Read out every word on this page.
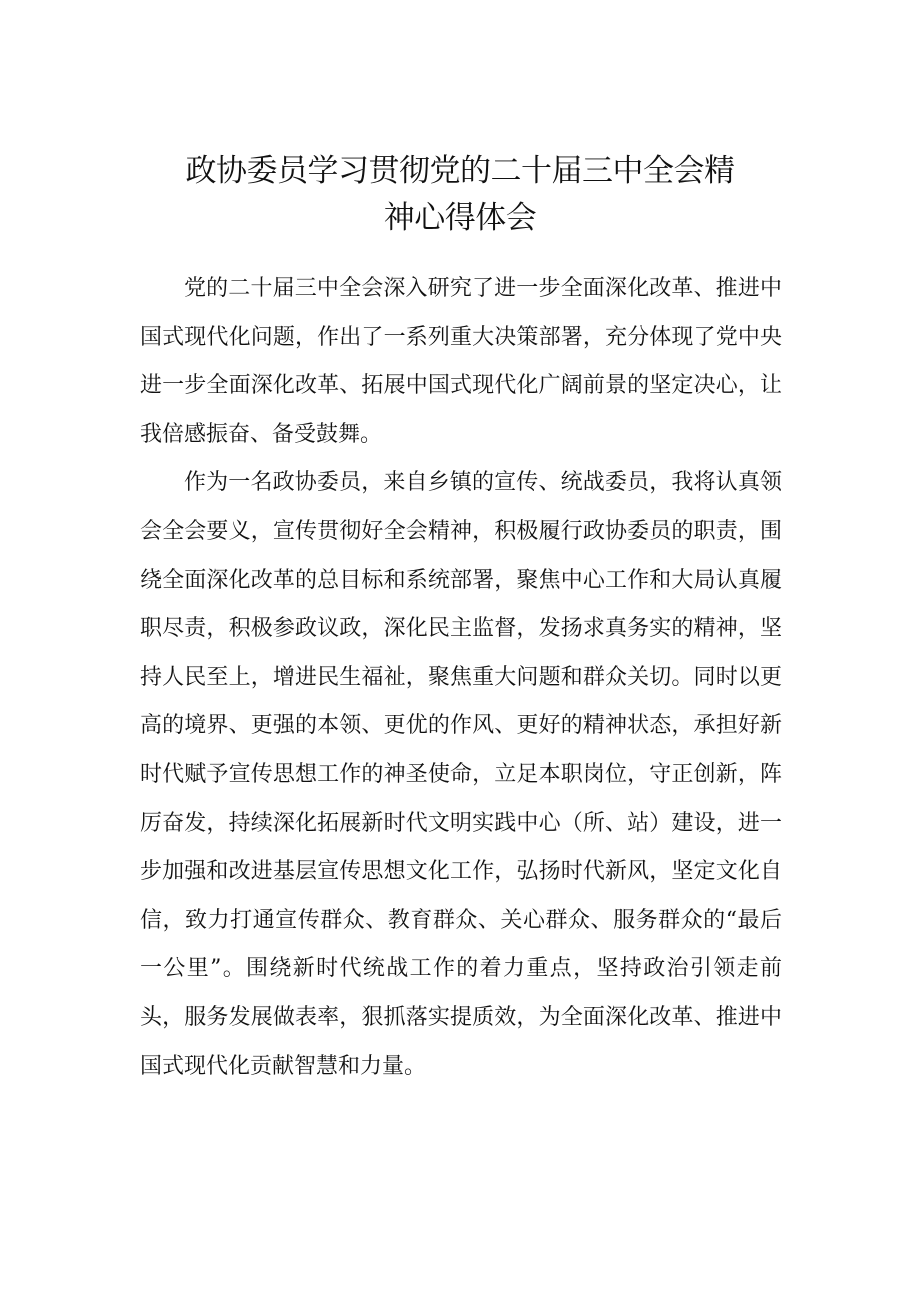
政协委员学习贯彻党的二十届三中全会精
神心得体会

党的二十届三中全会深入研究了进一步全面深化改革、推进中国式现代化问题，作出了一系列重大决策部署，充分体现了党中央进一步全面深化改革、拓展中国式现代化广阔前景的坚定决心，让我倍感振奋、备受鼓舞。

作为一名政协委员，来自乡镇的宣传、统战委员，我将认真领会全会要义，宣传贯彻好全会精神，积极履行政协委员的职责，围绕全面深化改革的总目标和系统部署，聚焦中心工作和大局认真履职尽责，积极参政议政，深化民主监督，发扬求真务实的精神，坚持人民至上，增进民生福祉，聚焦重大问题和群众关切。同时以更高的境界、更强的本领、更优的作风、更好的精神状态，承担好新时代赋予宣传思想工作的神圣使命，立足本职岗位，守正创新，阵厉奋发，持续深化拓展新时代文明实践中心（所、站）建设，进一步加强和改进基层宣传思想文化工作，弘扬时代新风，坚定文化自信，致力打通宣传群众、教育群众、关心群众、服务群众的“最后一公里”。围绕新时代统战工作的着力重点，坚持政治引领走前头，服务发展做表率，狠抓落实提质效，为全面深化改革、推进中国式现代化贡献智慧和力量。
